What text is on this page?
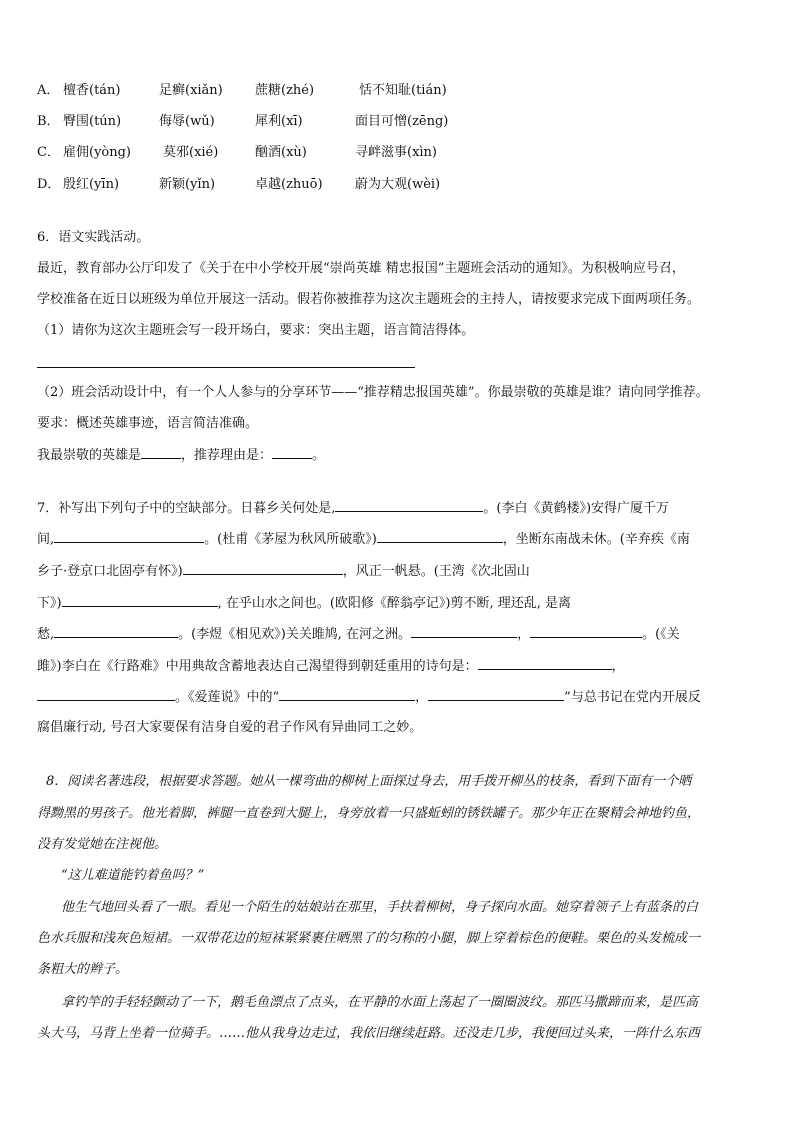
A． 檀香(tán)	足癣(xiǎn) 蔗糖(zhé)	恬不知耻(tián)
B． 臀围(tún)	侮辱(wǔ)	犀利(xī)	面目可憎(zēng)
C． 雇佣(yòng) 莫邪(xié)	酗酒(xù)	寻衅滋事(xìn)
D． 殷红(yīn)	新颖(yǐn)	卓越(zhuō) 蔚为大观(wèi)
6．语文实践活动。
最近，教育部办公厅印发了《关于在中小学校开展“崇尚英雄 精忠报国”主题班会活动的通知》。为积极响应号召，
学校准备在近日以班级为单位开展这一活动。假若你被推荐为这次主题班会的主持人，请按要求完成下面两项任务。
（1）请你为这次主题班会写一段开场白，要求：突出主题，语言简洁得体。
（2）班会活动设计中，有一个人人参与的分享环节——“推荐精忠报国英雄”。你最崇敬的英雄是谁？请向同学推荐。
要求：概述英雄事迹，语言简洁准确。
我最崇敬的英雄是	，推荐理由是：	。
7．补写出下列句子中的空缺部分。日暮乡关何处是,	。(李白《黄鹤楼》)安得广厦千万
间,	。(杜甫《茅屋为秋风所破歌》)	，坐断东南战未休。(辛弃疾《南
乡子·登京口北固亭有怀》)	，风正一帆悬。(王湾《次北固山
下》)	, 在乎山水之间也。(欧阳修《醉翁亭记》)剪不断, 理还乱, 是离
愁,	。(李煜《相见欢》)关关雎鸠, 在河之洲。	，	。(《关
雎》)李白在《行路难》中用典故含蓄地表达自己渴望得到朝廷重用的诗句是：	，
。《爱莲说》中的“	，	”与总书记在党内开展反
腐倡廉行动, 号召大家要保有洁身自爱的君子作风有异曲同工之妙。
8．阅读名著选段，根据要求答题。她从一棵弯曲的柳树上面探过身去，用手拨开柳丛的枝条，看到下面有一个晒
得黝黑的男孩子。他光着脚，裤腿一直卷到大腿上，身旁放着一只盛蚯蚓的锈铁罐子。那少年正在聚精会神地钓鱼，
没有发觉她在注视他。
“这儿难道能钓着鱼吗？”
他生气地回头看了一眼。看见一个陌生的姑娘站在那里，手扶着柳树，身子探向水面。她穿着领子上有蓝条的白
色水兵服和浅灰色短裙。一双带花边的短袜紧紧裹住晒黑了的匀称的小腿，脚上穿着棕色的便鞋。栗色的头发梳成一
条粗大的辫子。
拿钓竿的手轻轻颤动了一下，鹅毛鱼漂点了点头，在平静的水面上荡起了一圈圈波纹。那匹马撒蹄而来，是匹高
头大马，马背上坐着一位骑手。……他从我身边走过，我依旧继续赶路。还没走几步，我便回过头来，一阵什么东西
